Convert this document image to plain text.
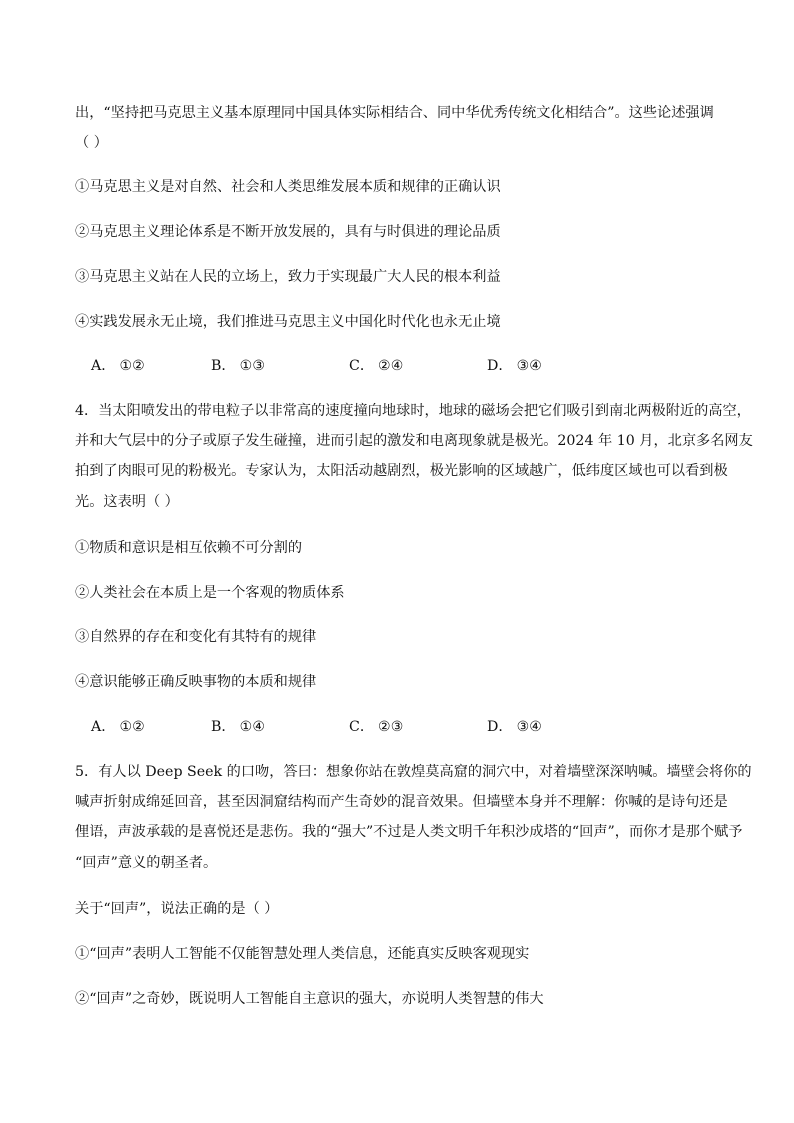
出，“坚持把马克思主义基本原理同中国具体实际相结合、同中华优秀传统文化相结合”。这些论述强调
（ ）
①马克思主义是对自然、社会和人类思维发展本质和规律的正确认识
②马克思主义理论体系是不断开放发展的，具有与时俱进的理论品质
③马克思主义站在人民的立场上，致力于实现最广大人民的根本利益
④实践发展永无止境，我们推进马克思主义中国化时代化也永无止境
A． ①②	B． ①③	C． ②④	D． ③④
4．当太阳喷发出的带电粒子以非常高的速度撞向地球时，地球的磁场会把它们吸引到南北两极附近的高空，
并和大气层中的分子或原子发生碰撞，进而引起的激发和电离现象就是极光。2024 年 10 月，北京多名网友
拍到了肉眼可见的粉极光。专家认为，太阳活动越剧烈，极光影响的区域越广，低纬度区域也可以看到极
光。这表明（ ）
①物质和意识是相互依赖不可分割的
②人类社会在本质上是一个客观的物质体系
③自然界的存在和变化有其特有的规律
④意识能够正确反映事物的本质和规律
A． ①②	B． ①④	C． ②③	D． ③④
5．有人以 Deep Seek 的口吻，答曰：想象你站在敦煌莫高窟的洞穴中，对着墙壁深深呐喊。墙壁会将你的
喊声折射成绵延回音，甚至因洞窟结构而产生奇妙的混音效果。但墙壁本身并不理解：你喊的是诗句还是
俚语，声波承载的是喜悦还是悲伤。我的“强大”不过是人类文明千年积沙成塔的“回声”，而你才是那个赋予
“回声”意义的朝圣者。
关于“回声”，说法正确的是（ ）
①“回声”表明人工智能不仅能智慧处理人类信息，还能真实反映客观现实
②“回声”之奇妙，既说明人工智能自主意识的强大，亦说明人类智慧的伟大
